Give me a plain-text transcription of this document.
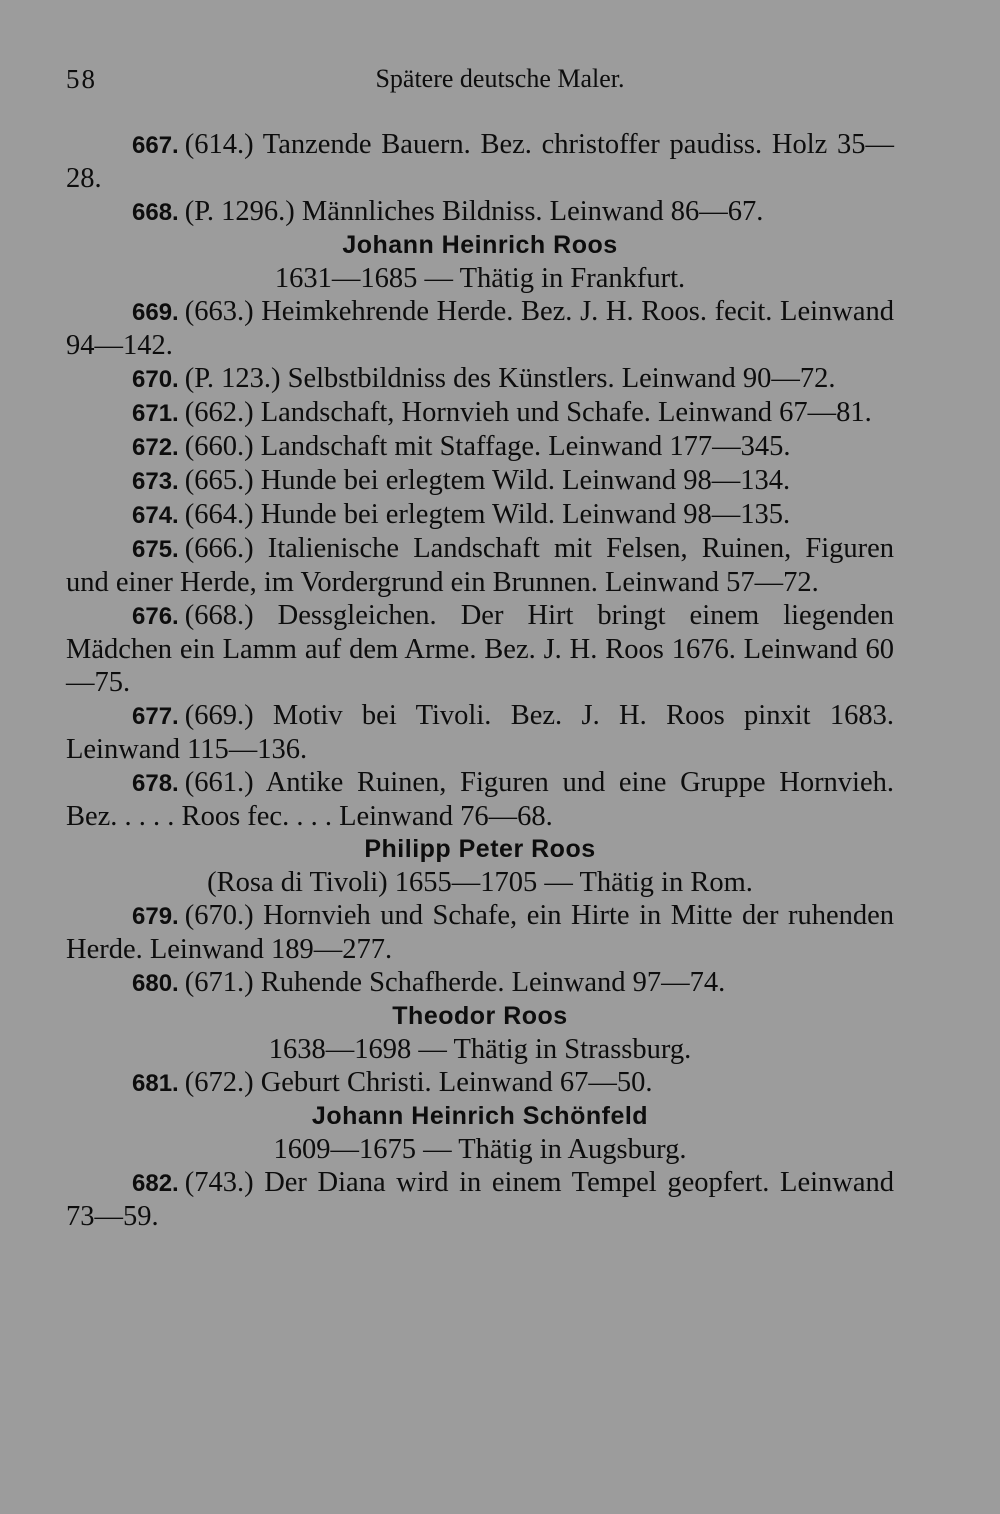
58	Spätere deutsche Maler.

667. (614.) Tanzende Bauern. Bez. christoffer paudiss. Holz 35—28.

668. (P. 1296.) Männliches Bildniss. Leinwand 86—67.

Johann Heinrich Roos
1631—1685 — Thätig in Frankfurt.

669. (663.) Heimkehrende Herde. Bez. J. H. Roos. fecit. Leinwand 94—142.

670. (P. 123.) Selbstbildniss des Künstlers. Leinwand 90—72.

671. (662.) Landschaft, Hornvieh und Schafe. Leinwand 67—81.

672. (660.) Landschaft mit Staffage. Leinwand 177—345.

673. (665.) Hunde bei erlegtem Wild. Leinwand 98—134.

674. (664.) Hunde bei erlegtem Wild. Leinwand 98—135.

675. (666.) Italienische Landschaft mit Felsen, Ruinen, Figuren und einer Herde, im Vordergrund ein Brunnen. Leinwand 57—72.

676. (668.) Dessgleichen. Der Hirt bringt einem liegenden Mädchen ein Lamm auf dem Arme. Bez. J. H. Roos 1676. Leinwand 60—75.

677. (669.) Motiv bei Tivoli. Bez. J. H. Roos pinxit 1683. Leinwand 115—136.

678. (661.) Antike Ruinen, Figuren und eine Gruppe Hornvieh. Bez. . . . . Roos fec. . . . Leinwand 76—68.

Philipp Peter Roos
(Rosa di Tivoli) 1655—1705 — Thätig in Rom.

679. (670.) Hornvieh und Schafe, ein Hirte in Mitte der ruhenden Herde. Leinwand 189—277.

680. (671.) Ruhende Schafherde. Leinwand 97—74.

Theodor Roos
1638—1698 — Thätig in Strassburg.

681. (672.) Geburt Christi. Leinwand 67—50.

Johann Heinrich Schönfeld
1609—1675 — Thätig in Augsburg.

682. (743.) Der Diana wird in einem Tempel geopfert. Leinwand 73—59.
